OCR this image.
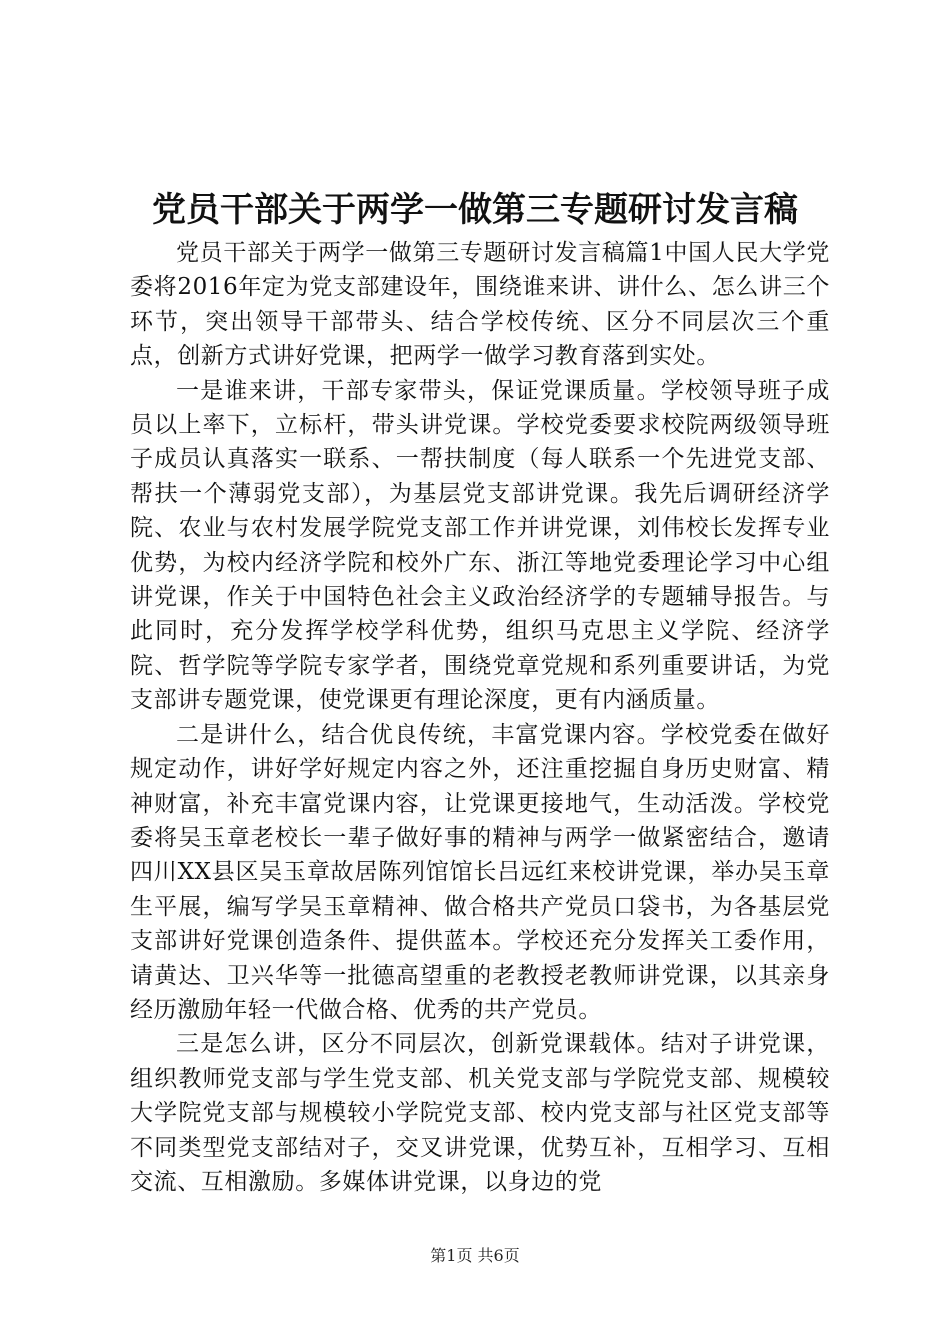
党员干部关于两学一做第三专题研讨发言稿

党员干部关于两学一做第三专题研讨发言稿篇1中国人民大学党委将2016年定为党支部建设年，围绕谁来讲、讲什么、怎么讲三个环节，突出领导干部带头、结合学校传统、区分不同层次三个重点，创新方式讲好党课，把两学一做学习教育落到实处。

一是谁来讲，干部专家带头，保证党课质量。学校领导班子成员以上率下，立标杆，带头讲党课。学校党委要求校院两级领导班子成员认真落实一联系、一帮扶制度（每人联系一个先进党支部、帮扶一个薄弱党支部），为基层党支部讲党课。我先后调研经济学院、农业与农村发展学院党支部工作并讲党课，刘伟校长发挥专业优势，为校内经济学院和校外广东、浙江等地党委理论学习中心组讲党课，作关于中国特色社会主义政治经济学的专题辅导报告。与此同时，充分发挥学校学科优势，组织马克思主义学院、经济学院、哲学院等学院专家学者，围绕党章党规和系列重要讲话，为党支部讲专题党课，使党课更有理论深度，更有内涵质量。

二是讲什么，结合优良传统，丰富党课内容。学校党委在做好规定动作，讲好学好规定内容之外，还注重挖掘自身历史财富、精神财富，补充丰富党课内容，让党课更接地气，生动活泼。学校党委将吴玉章老校长一辈子做好事的精神与两学一做紧密结合，邀请四川XX县区吴玉章故居陈列馆馆长吕远红来校讲党课，举办吴玉章生平展，编写学吴玉章精神、做合格共产党员口袋书，为各基层党支部讲好党课创造条件、提供蓝本。学校还充分发挥关工委作用，请黄达、卫兴华等一批德高望重的老教授老教师讲党课，以其亲身经历激励年轻一代做合格、优秀的共产党员。

三是怎么讲，区分不同层次，创新党课载体。结对子讲党课，组织教师党支部与学生党支部、机关党支部与学院党支部、规模较大学院党支部与规模较小学院党支部、校内党支部与社区党支部等不同类型党支部结对子，交叉讲党课，优势互补，互相学习、互相交流、互相激励。多媒体讲党课，以身边的党

第1页 共6页
